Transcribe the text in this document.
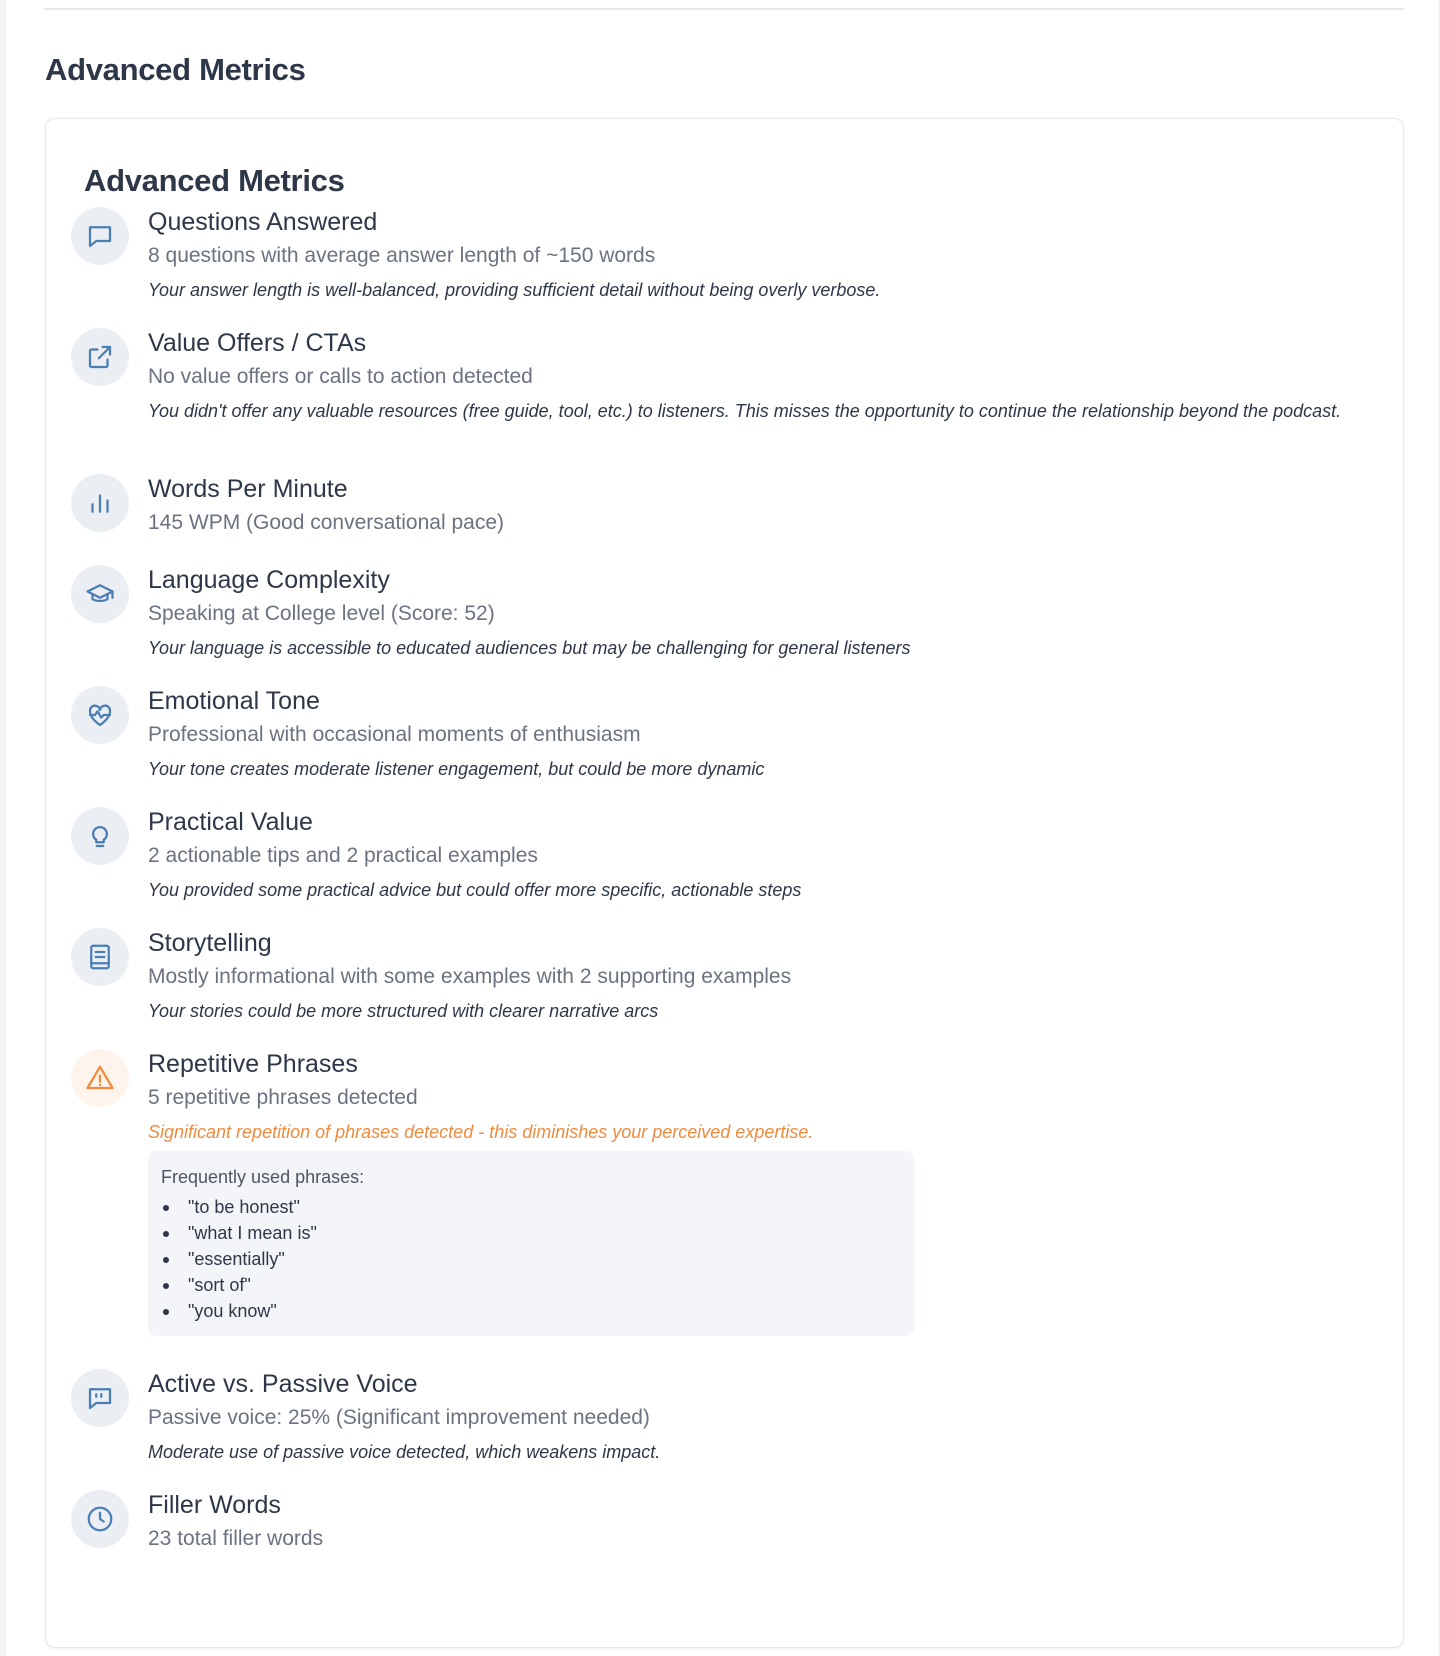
Advanced Metrics
Advanced Metrics
Questions Answered
8 questions with average answer length of ~150 words
Your answer length is well-balanced, providing sufficient detail without being overly verbose.
Value Offers / CTAs
No value offers or calls to action detected
You didn't offer any valuable resources (free guide, tool, etc.) to listeners. This misses the opportunity to continue the relationship beyond the podcast.
Words Per Minute
145 WPM (Good conversational pace)
Language Complexity
Speaking at College level (Score: 52)
Your language is accessible to educated audiences but may be challenging for general listeners
Emotional Tone
Professional with occasional moments of enthusiasm
Your tone creates moderate listener engagement, but could be more dynamic
Practical Value
2 actionable tips and 2 practical examples
You provided some practical advice but could offer more specific, actionable steps
Storytelling
Mostly informational with some examples with 2 supporting examples
Your stories could be more structured with clearer narrative arcs
Repetitive Phrases
5 repetitive phrases detected
Significant repetition of phrases detected - this diminishes your perceived expertise.
Frequently used phrases:
"to be honest"
"what I mean is"
"essentially"
"sort of"
"you know"
Active vs. Passive Voice
Passive voice: 25% (Significant improvement needed)
Moderate use of passive voice detected, which weakens impact.
Filler Words
23 total filler words
